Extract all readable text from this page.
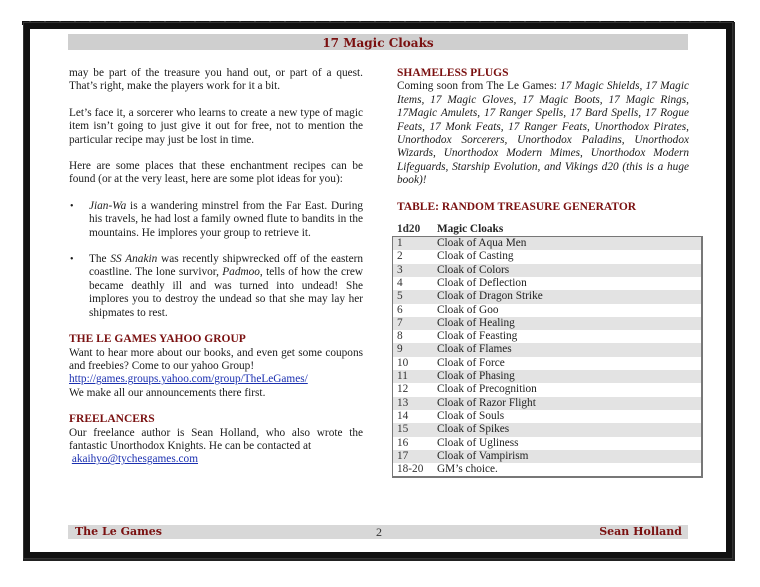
17 Magic Cloaks

may be part of the treasure you hand out, or part of a quest. That’s right, make the players work for it a bit.

Let’s face it, a sorcerer who learns to create a new type of magic item isn’t going to just give it out for free, not to mention the particular recipe may just be lost in time.

Here are some places that these enchantment recipes can be found (or at the very least, here are some plot ideas for you):

• Jian-Wa is a wandering minstrel from the Far East. During his travels, he had lost a family owned flute to bandits in the mountains. He implores your group to retrieve it.
• The SS Anakin was recently shipwrecked off of the eastern coastline. The lone survivor, Padmoo, tells of how the crew became deathly ill and was turned into undead! She implores you to destroy the undead so that she may lay her shipmates to rest.
THE LE GAMES YAHOO GROUP
Want to hear more about our books, and even get some coupons and freebies? Come to our yahoo Group!
http://games.groups.yahoo.com/group/TheLeGames/
We make all our announcements there first.
FREELANCERS
Our freelance author is Sean Holland, who also wrote the fantastic Unorthodox Knights. He can be contacted at
akaihyo@tychesgames.com
SHAMELESS PLUGS

Coming soon from The Le Games: 17 Magic Shields, 17 Magic Items, 17 Magic Gloves, 17 Magic Boots, 17 Magic Rings, 17Magic Amulets, 17 Ranger Spells, 17 Bard Spells, 17 Rogue Feats, 17 Monk Feats, 17 Ranger Feats, Unorthodox Pirates, Unorthodox Sorcerers, Unorthodox Paladins, Unorthodox Wizards, Unorthodox Modern Mimes, Unorthodox Modern Lifeguards, Starship Evolution, and Vikings d20 (this is a huge book)!

TABLE: RANDOM TREASURE GENERATOR
1d20	Magic Cloaks
1	Cloak of Aqua Men
2	Cloak of Casting
3	Cloak of Colors
4	Cloak of Deflection
5	Cloak of Dragon Strike
6	Cloak of Goo
7	Cloak of Healing
8	Cloak of Feasting
9	Cloak of Flames
10	Cloak of Force
11	Cloak of Phasing
12	Cloak of Precognition
13	Cloak of Razor Flight
14	Cloak of Souls
15	Cloak of Spikes
16	Cloak of Ugliness
17	Cloak of Vampirism
18-20	GM’s choice.
The Le Games	2	Sean Holland
